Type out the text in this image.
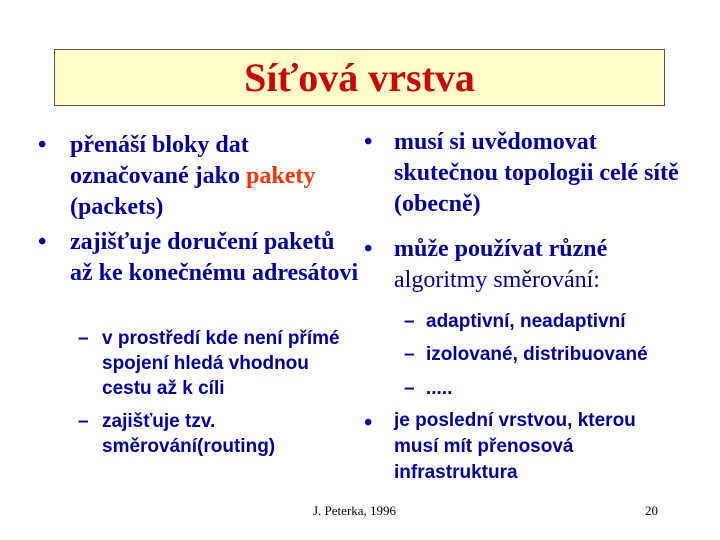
Síťová vrstva
• přenáší bloky dat označované jako pakety (packets)

• zajišťuje doručení paketů až ke konečnému adresátovi

– v prostředí kde není přímé spojení hledá vhodnou cestu až k cíli

– zajišťuje tzv. směrování(routing)

• musí si uvědomovat skutečnou topologii celé sítě (obecně)

• může používat různé
algoritmy směrování:

– adaptivní, neadaptivní

– izolované, distribuované

– .....

• je poslední vrstvou, kterou musí mít přenosová infrastruktura

J. Peterka, 1996	20
